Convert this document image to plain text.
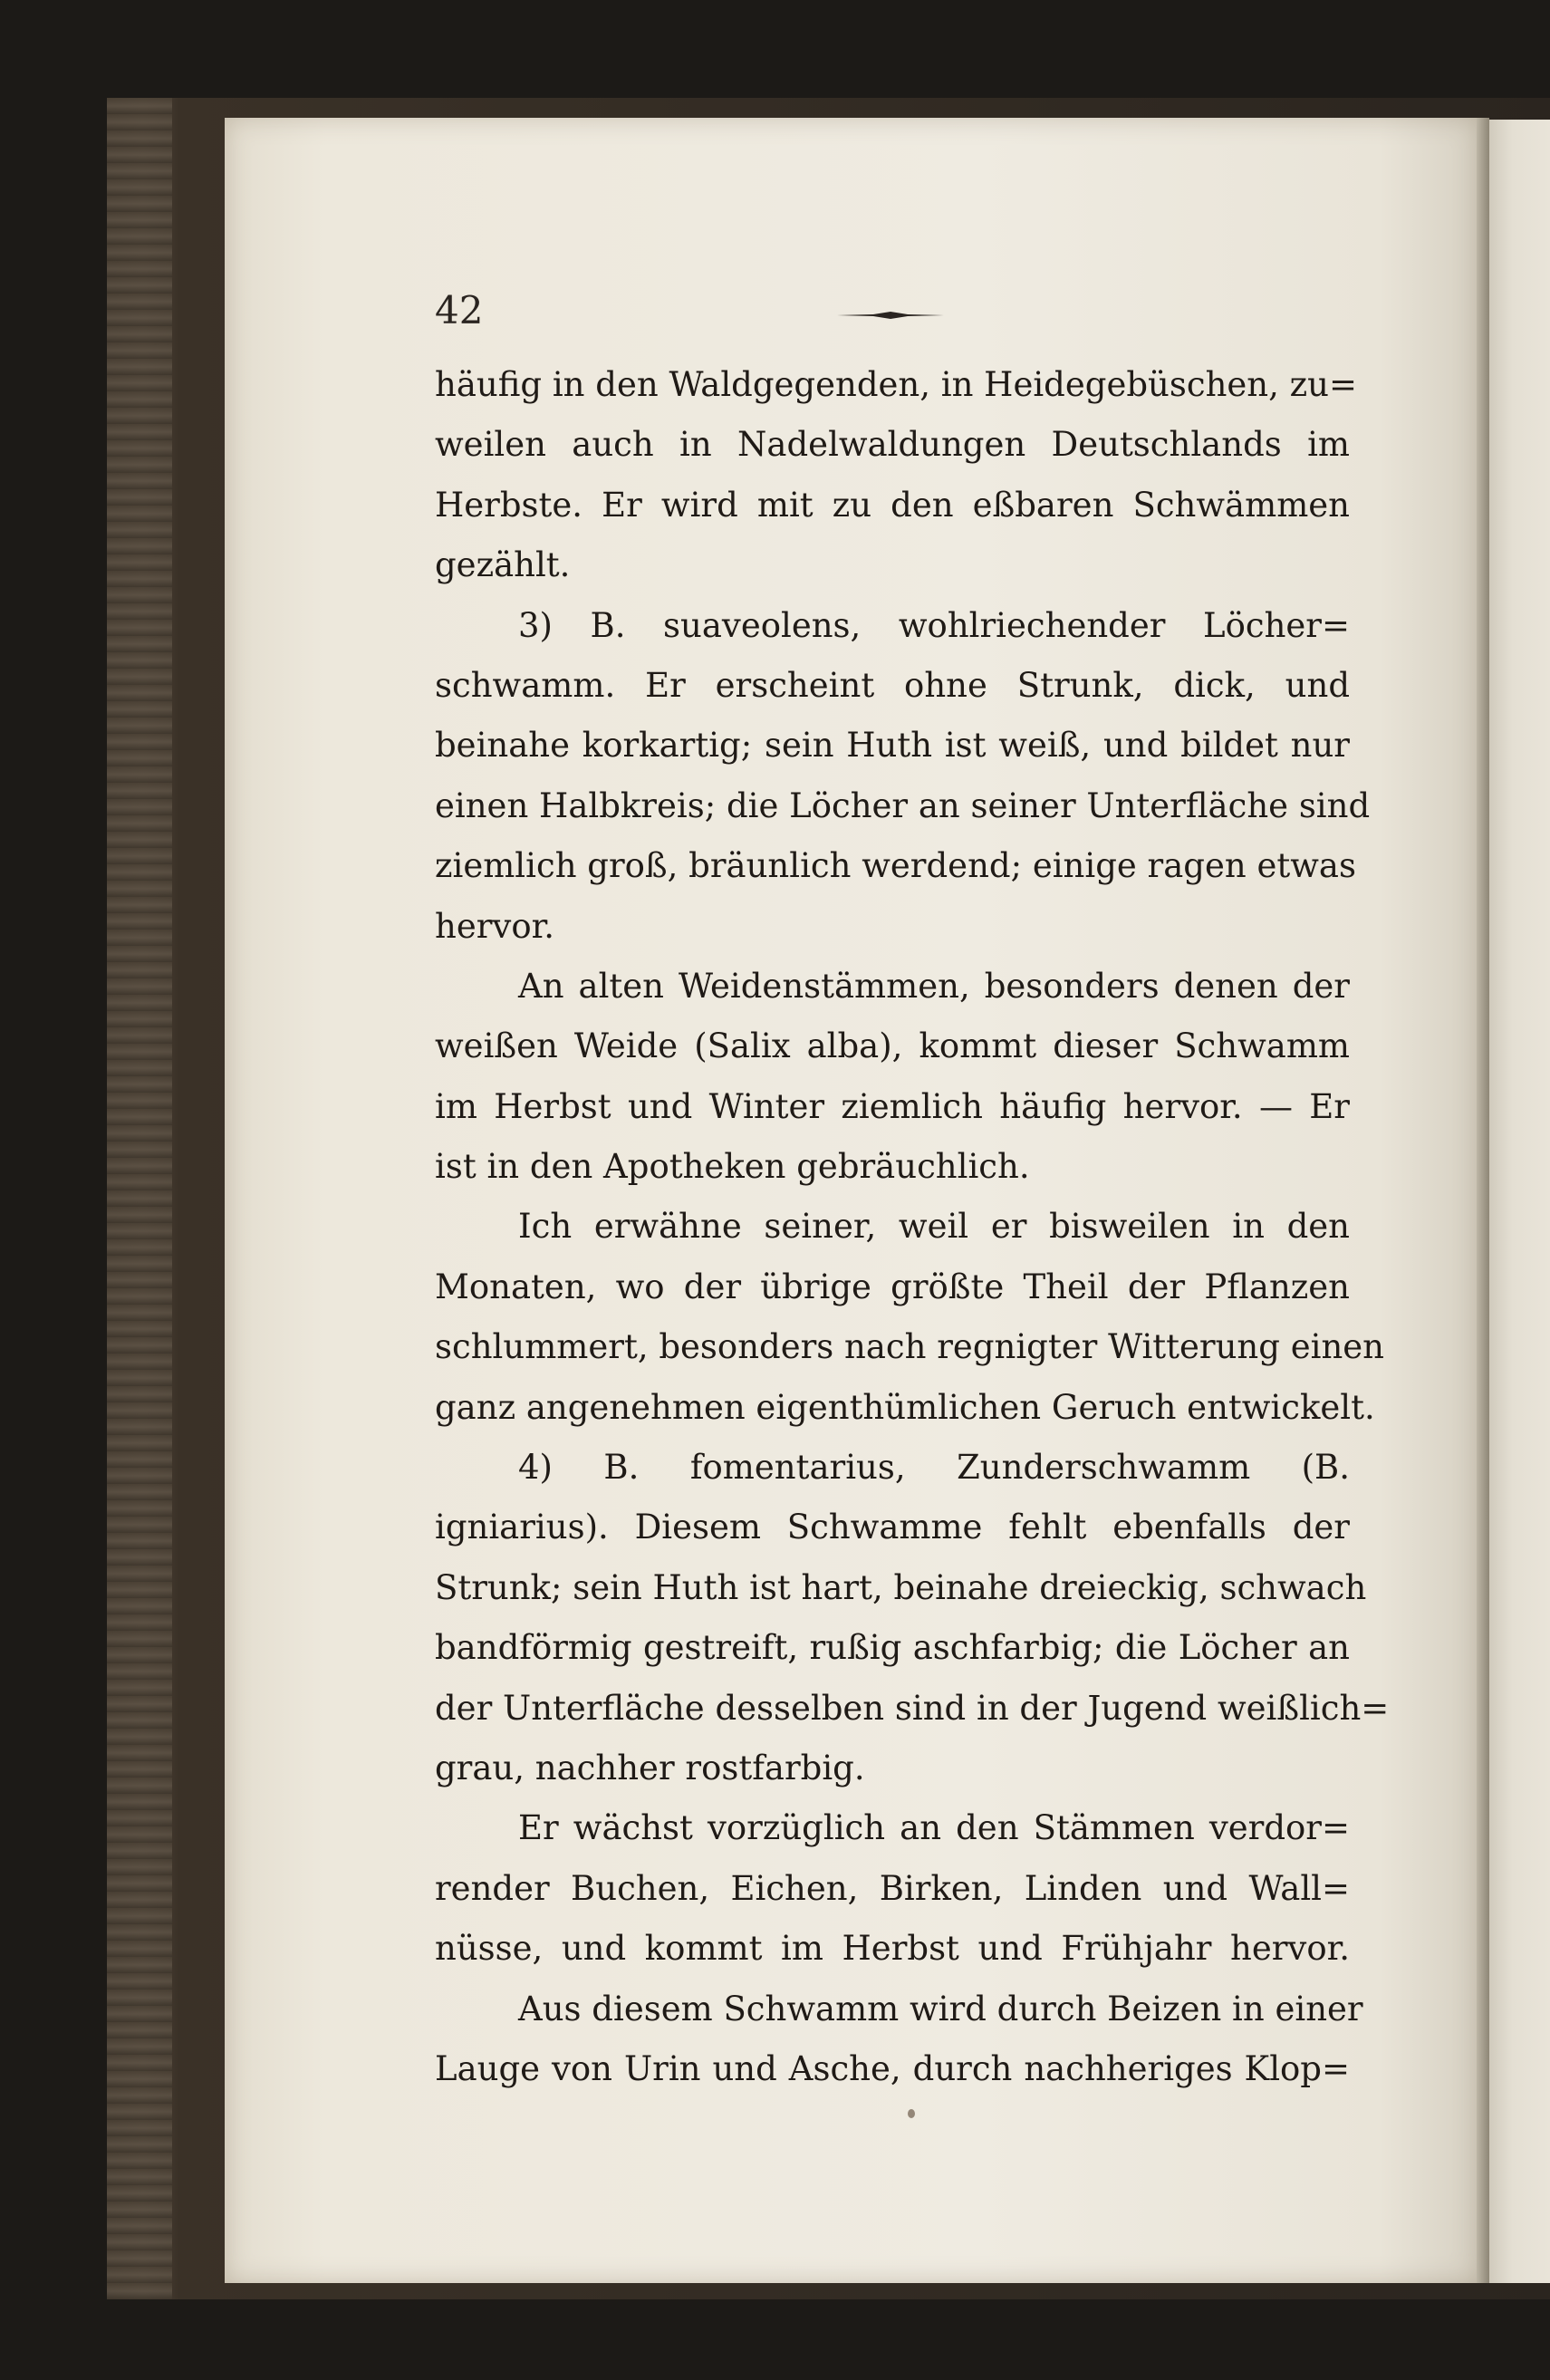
42
häufig in den Waldgegenden, in Heidegebüschen, zu=
weilen auch in Nadelwaldungen Deutschlands im
Herbste. Er wird mit zu den eßbaren Schwämmen
gezählt.
3) B. suaveolens, wohlriechender Löcher=
schwamm. Er erscheint ohne Strunk, dick, und
beinahe korkartig; sein Huth ist weiß, und bildet nur
einen Halbkreis; die Löcher an seiner Unterfläche sind
ziemlich groß, bräunlich werdend; einige ragen etwas
hervor.
An alten Weidenstämmen, besonders denen der
weißen Weide (Salix alba), kommt dieser Schwamm
im Herbst und Winter ziemlich häufig hervor. — Er
ist in den Apotheken gebräuchlich.
Ich erwähne seiner, weil er bisweilen in den
Monaten, wo der übrige größte Theil der Pflanzen
schlummert, besonders nach regnigter Witterung einen
ganz angenehmen eigenthümlichen Geruch entwickelt.
4) B. fomentarius, Zunderschwamm (B.
igniarius). Diesem Schwamme fehlt ebenfalls der
Strunk; sein Huth ist hart, beinahe dreieckig, schwach
bandförmig gestreift, rußig aschfarbig; die Löcher an
der Unterfläche desselben sind in der Jugend weißlich=
grau, nachher rostfarbig.
Er wächst vorzüglich an den Stämmen verdor=
render Buchen, Eichen, Birken, Linden und Wall=
nüsse, und kommt im Herbst und Frühjahr hervor.
Aus diesem Schwamm wird durch Beizen in einer
Lauge von Urin und Asche, durch nachheriges Klop=
